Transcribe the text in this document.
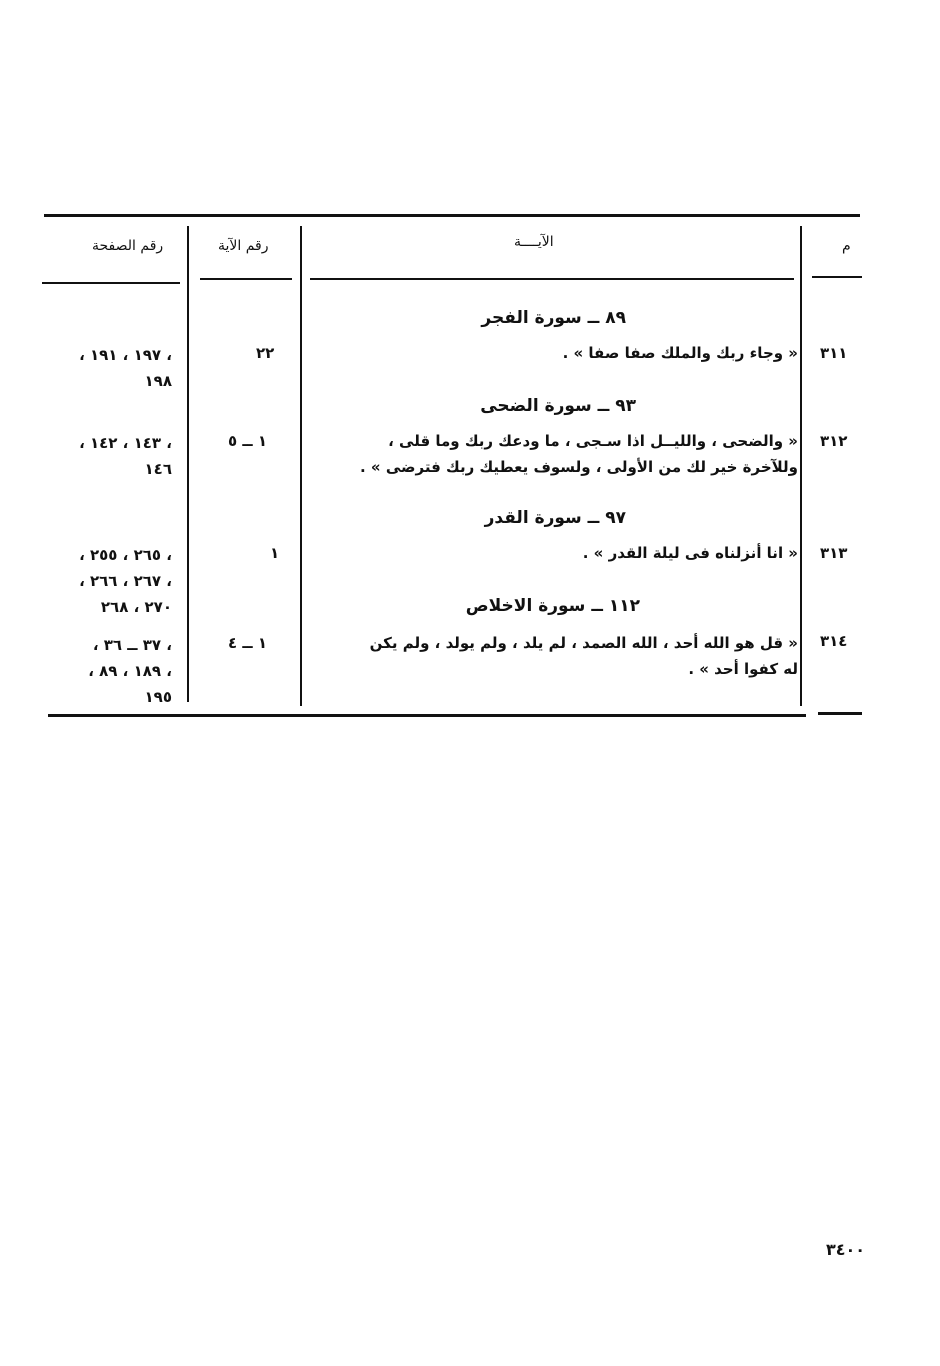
م
الآيــــة
رقم الآية
رقم الصفحة
٨٩ ــ سورة الفجر
٣١١
« وجاء ربك والملك صفا صفا » .
٢٢
، ١٩٧ ، ١٩١ ،
١٩٨
٩٣ ــ سورة الضحى
٣١٢
« والضحى ، والليــل اذا سـجى ، ما ودعك ربك وما قلى ،
وللآخرة خير لك من الأولى ، ولسوف يعطيك ربك فترضى » .
١ ــ ٥
، ١٤٣ ، ١٤٢ ،
١٤٦
٩٧ ــ سورة القدر
٣١٣
« انا أنزلناه فى ليلة القدر » .
١
، ٢٦٥ ، ٢٥٥ ،
، ٢٦٧ ، ٢٦٦ ،
٢٧٠ ، ٢٦٨	١١٢ ــ سورة الاخلاص
٣١٤
« قل هو الله أحد ، الله الصمد ، لم يلد ، ولم يولد ، ولم يكن
له كفوا أحد » .
١ ــ ٤
، ٣٧ ــ ٣٦ ،
، ١٨٩ ، ٨٩ ،
١٩٥
٣٤٠٠
